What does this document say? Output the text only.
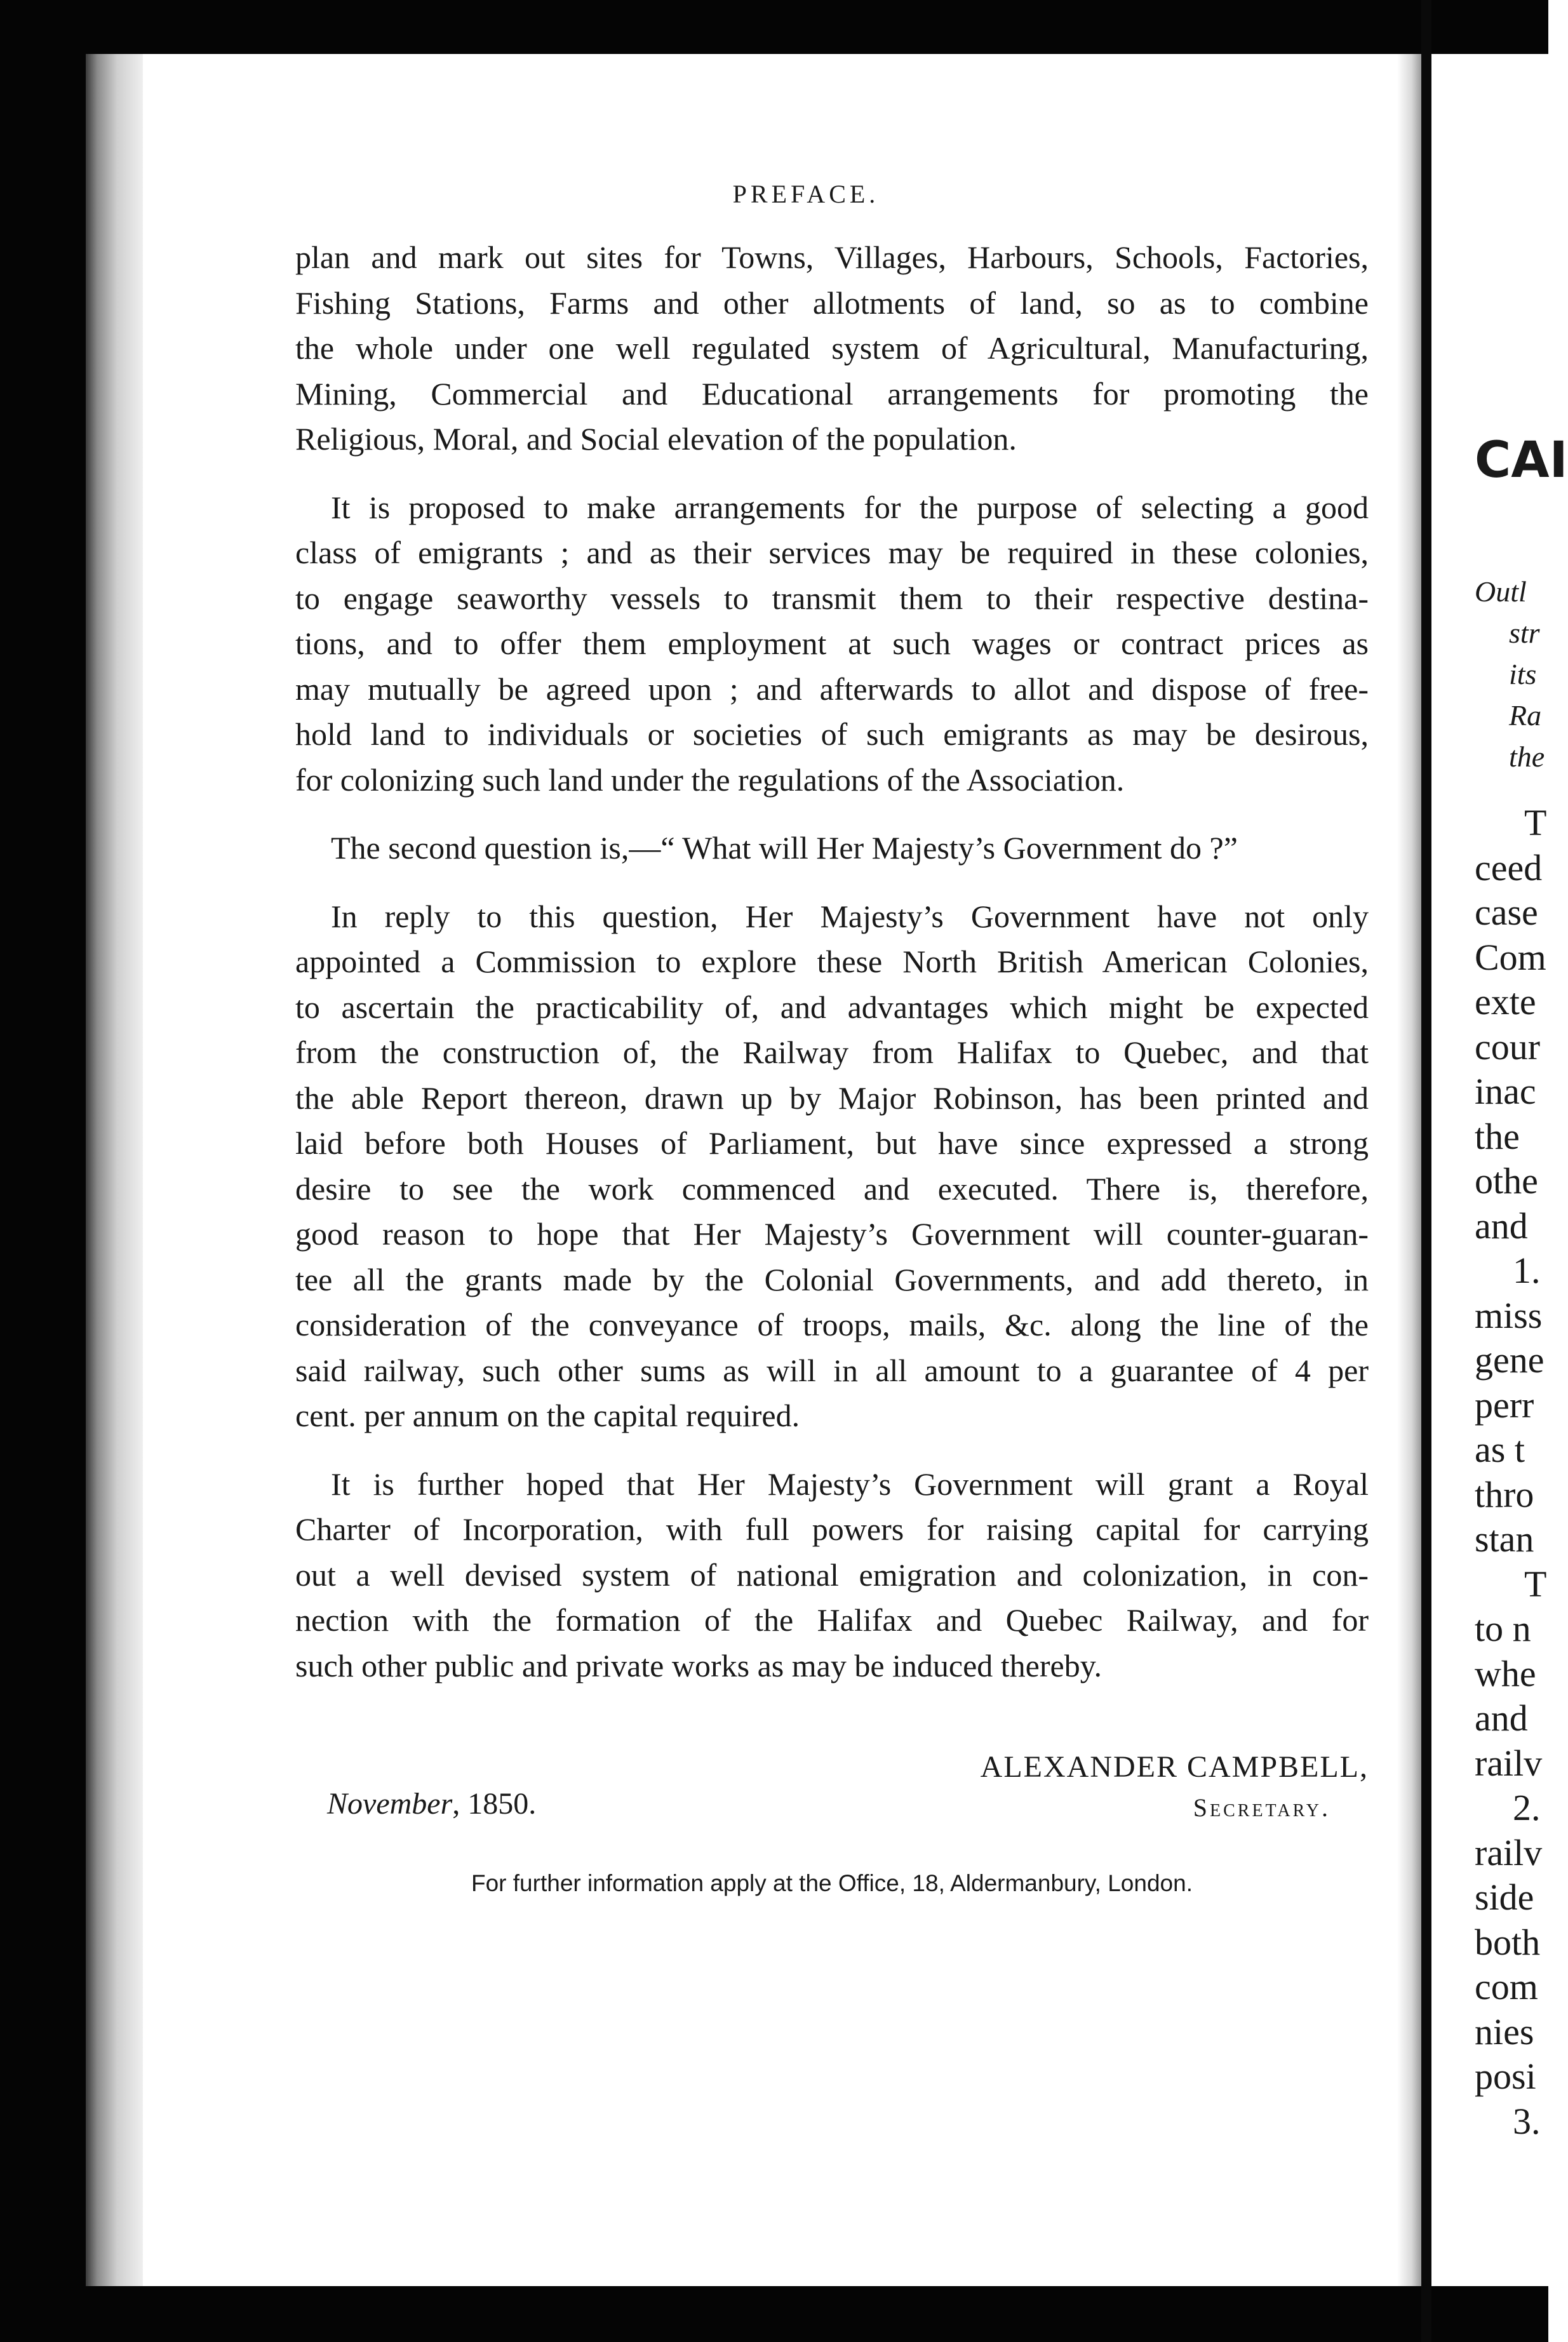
PREFACE.

plan and mark out sites for Towns, Villages, Harbours, Schools, Factories,
Fishing Stations, Farms and other allotments of land, so as to combine
the whole under one well regulated system of Agricultural, Manufacturing,
Mining, Commercial and Educational arrangements for promoting the
Religious, Moral, and Social elevation of the population.

It is proposed to make arrangements for the purpose of selecting a good
class of emigrants ; and as their services may be required in these colonies,
to engage seaworthy vessels to transmit them to their respective destina-
tions, and to offer them employment at such wages or contract prices as
may mutually be agreed upon ; and afterwards to allot and dispose of free-
hold land to individuals or societies of such emigrants as may be desirous,
for colonizing such land under the regulations of the Association.

The second question is,—“ What will Her Majesty’s Government do ?”

In reply to this question, Her Majesty’s Government have not only
appointed a Commission to explore these North British American Colonies,
to ascertain the practicability of, and advantages which might be expected
from the construction of, the Railway from Halifax to Quebec, and that
the able Report thereon, drawn up by Major Robinson, has been printed and
laid before both Houses of Parliament, but have since expressed a strong
desire to see the work commenced and executed. There is, therefore,
good reason to hope that Her Majesty’s Government will counter-guaran-
tee all the grants made by the Colonial Governments, and add thereto, in
consideration of the conveyance of troops, mails, &c. along the line of the
said railway, such other sums as will in all amount to a guarantee of 4 per
cent. per annum on the capital required.

It is further hoped that Her Majesty’s Government will grant a Royal
Charter of Incorporation, with full powers for raising capital for carrying
out a well devised system of national emigration and colonization, in con-
nection with the formation of the Halifax and Quebec Railway, and for
such other public and private works as may be induced thereby.

November, 1850.
ALEXANDER CAMPBELL,
Secretary.
For further information apply at the Office, 18, Aldermanbury, London.
CAI
Outl
str
its
Ra
the
T
ceed
case
Com
exte
cour
inac
the
othe
and
1.
miss
gene
perr
as t
thro
stan
T
to n
whe
and
railv
2.
railv
side
both
com
nies
posi
3.
